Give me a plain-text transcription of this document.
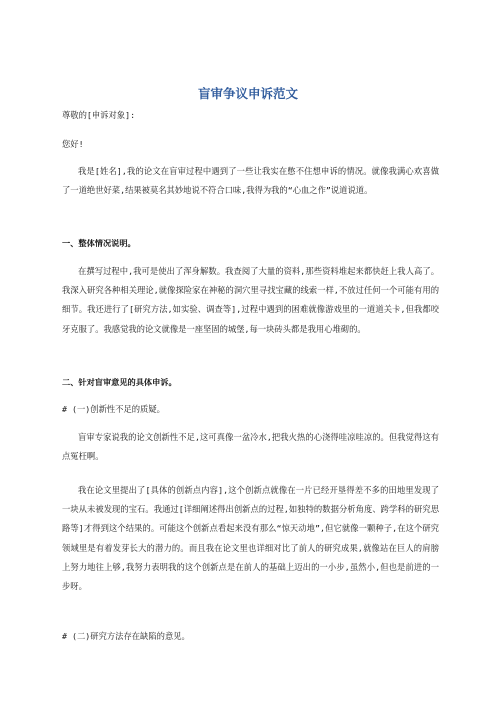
盲审争议申诉范文

尊敬的[申诉对象]:

您好!

我是[姓名],我的论文在盲审过程中遇到了一些让我实在憋不住想申诉的情况。就像我满心欢喜做了一道绝世好菜,结果被莫名其妙地说不符合口味,我得为我的“心血之作”说道说道。

一、整体情况说明。

在撰写过程中,我可是使出了浑身解数。我查阅了大量的资料,那些资料堆起来都快赶上我人高了。我深入研究各种相关理论,就像探险家在神秘的洞穴里寻找宝藏的线索一样,不放过任何一个可能有用的细节。我还进行了[研究方法,如实验、调查等],过程中遇到的困难就像游戏里的一道道关卡,但我都咬牙克服了。我感觉我的论文就像是一座坚固的城堡,每一块砖头都是我用心堆砌的。

二、针对盲审意见的具体申诉。

# (一)创新性不足的质疑。

盲审专家说我的论文创新性不足,这可真像一盆冷水,把我火热的心浇得哇凉哇凉的。但我觉得这有点冤枉啊。

我在论文里提出了[具体的创新点内容],这个创新点就像在一片已经开垦得差不多的田地里发现了一块从未被发现的宝石。我通过[详细阐述得出创新点的过程,如独特的数据分析角度、跨学科的研究思路等]才得到这个结果的。可能这个创新点看起来没有那么“惊天动地”,但它就像一颗种子,在这个研究领域里是有着发芽长大的潜力的。而且我在论文里也详细对比了前人的研究成果,就像站在巨人的肩膀上努力地往上够,我努力表明我的这个创新点是在前人的基础上迈出的一小步,虽然小,但也是前进的一步呀。

# (二)研究方法存在缺陷的意见。
